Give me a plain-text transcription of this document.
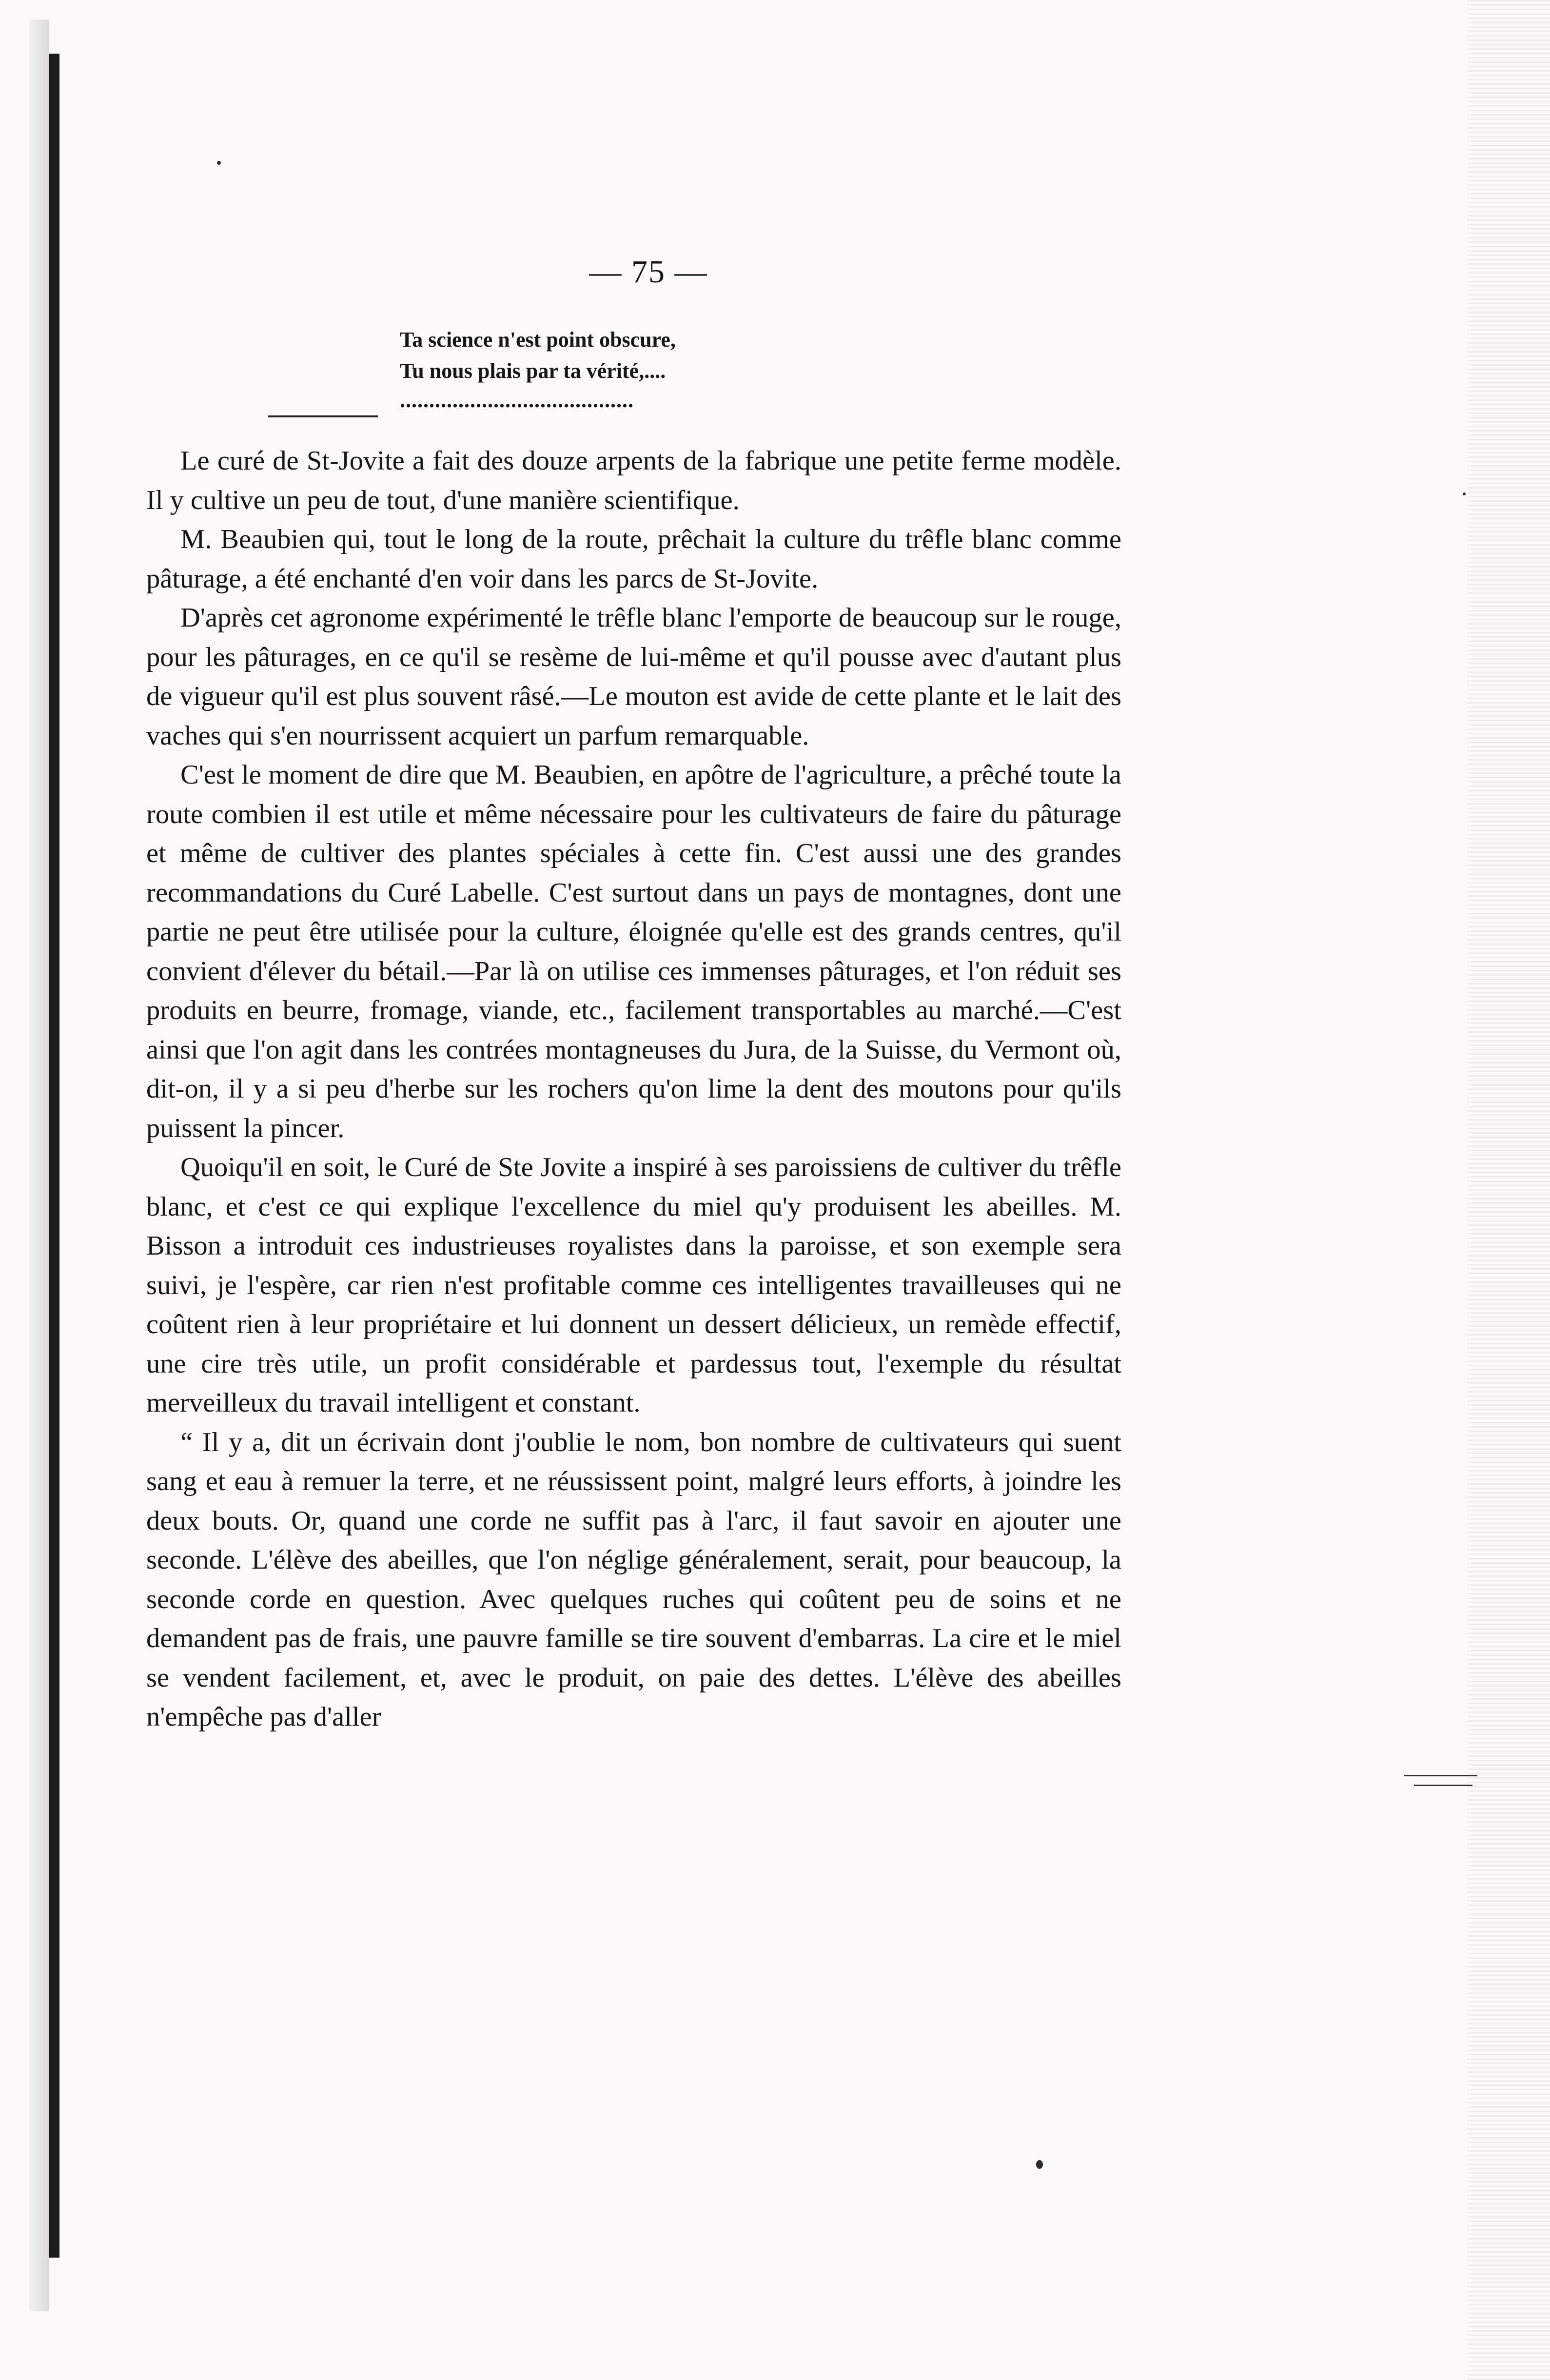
— 75 —
Ta science n'est point obscure,
Tu nous plais par ta vérité,....
........................................

Le curé de St-Jovite a fait des douze arpents de la fabrique une petite ferme modèle. Il y cultive un peu de tout, d'une manière scientifique.

M. Beaubien qui, tout le long de la route, prêchait la culture du trêfle blanc comme pâturage, a été enchanté d'en voir dans les parcs de St-Jovite.

D'après cet agronome expérimenté le trêfle blanc l'emporte de beaucoup sur le rouge, pour les pâturages, en ce qu'il se resème de lui-même et qu'il pousse avec d'autant plus de vigueur qu'il est plus souvent râsé.—Le mouton est avide de cette plante et le lait des vaches qui s'en nourrissent acquiert un parfum remarquable.

C'est le moment de dire que M. Beaubien, en apôtre de l'agriculture, a prêché toute la route combien il est utile et même nécessaire pour les cultivateurs de faire du pâturage et même de cultiver des plantes spéciales à cette fin. C'est aussi une des grandes recommandations du Curé Labelle. C'est surtout dans un pays de montagnes, dont une partie ne peut être utilisée pour la culture, éloignée qu'elle est des grands centres, qu'il convient d'élever du bétail.—Par là on utilise ces immenses pâturages, et l'on réduit ses produits en beurre, fromage, viande, etc., facilement transportables au marché.—C'est ainsi que l'on agit dans les contrées montagneuses du Jura, de la Suisse, du Vermont où, dit-on, il y a si peu d'herbe sur les rochers qu'on lime la dent des moutons pour qu'ils puissent la pincer.

Quoiqu'il en soit, le Curé de Ste Jovite a inspiré à ses paroissiens de cultiver du trêfle blanc, et c'est ce qui explique l'excellence du miel qu'y produisent les abeilles. M. Bisson a introduit ces industrieuses royalistes dans la paroisse, et son exemple sera suivi, je l'espère, car rien n'est profitable comme ces intelligentes travailleuses qui ne coûtent rien à leur propriétaire et lui donnent un dessert délicieux, un remède effectif, une cire très utile, un profit considérable et pardessus tout, l'exemple du résultat merveilleux du travail intelligent et constant.

“ Il y a, dit un écrivain dont j'oublie le nom, bon nombre de cultivateurs qui suent sang et eau à remuer la terre, et ne réussissent point, malgré leurs efforts, à joindre les deux bouts. Or, quand une corde ne suffit pas à l'arc, il faut savoir en ajouter une seconde. L'élève des abeilles, que l'on néglige généralement, serait, pour beaucoup, la seconde corde en question. Avec quelques ruches qui coûtent peu de soins et ne demandent pas de frais, une pauvre famille se tire souvent d'embarras. La cire et le miel se vendent facilement, et, avec le produit, on paie des dettes. L'élève des abeilles n'empêche pas d'aller
